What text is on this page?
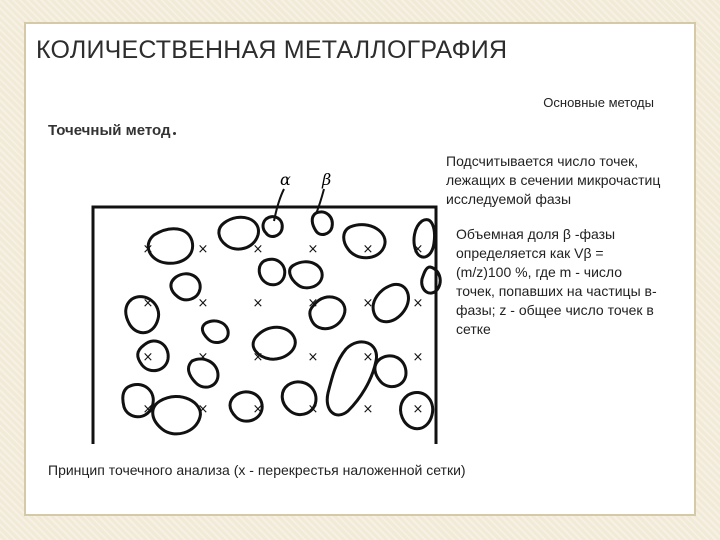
КОЛИЧЕСТВЕННАЯ МЕТАЛЛОГРАФИЯ
Основные методы
Точечный метод
α β
×	×	×	×	×	×
×	×	×	×	×	×
×	×	×	×	×	×
×	×	×	×	×	×

Подсчитывается число точек, лежащих в сечении микрочастиц исследуемой фазы

Объемная доля β -фазы определяется как Vβ = (m/z)100 %, где m - число точек, попавших на частицы в-фазы; z - общее число точек в сетке

Принцип точечного анализа (х - перекрестья наложенной сетки)
